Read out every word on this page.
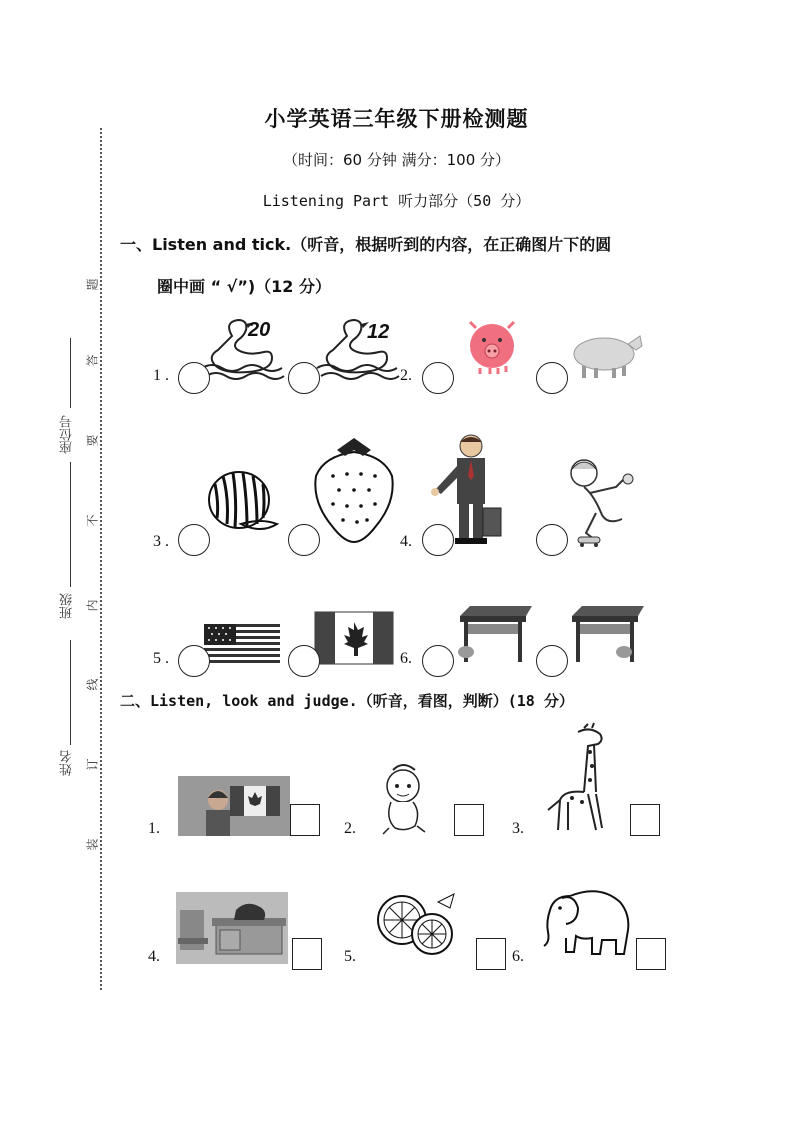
座位号
班级
姓名
题
答
要
不
内
线
订
装
小学英语三年级下册检测题
（时间：60 分钟 满分：100 分）
Listening Part 听力部分（50 分）
一、Listen and tick.（听音，根据听到的内容，在正确图片下的圆
圈中画 “ √”)（12 分）
1 .
20	12
2.
3 .	4.
5 .	6.
二、Listen, look and judge.（听音，看图，判断）(18 分）
1.	2.	3.
4.	5.	6.
